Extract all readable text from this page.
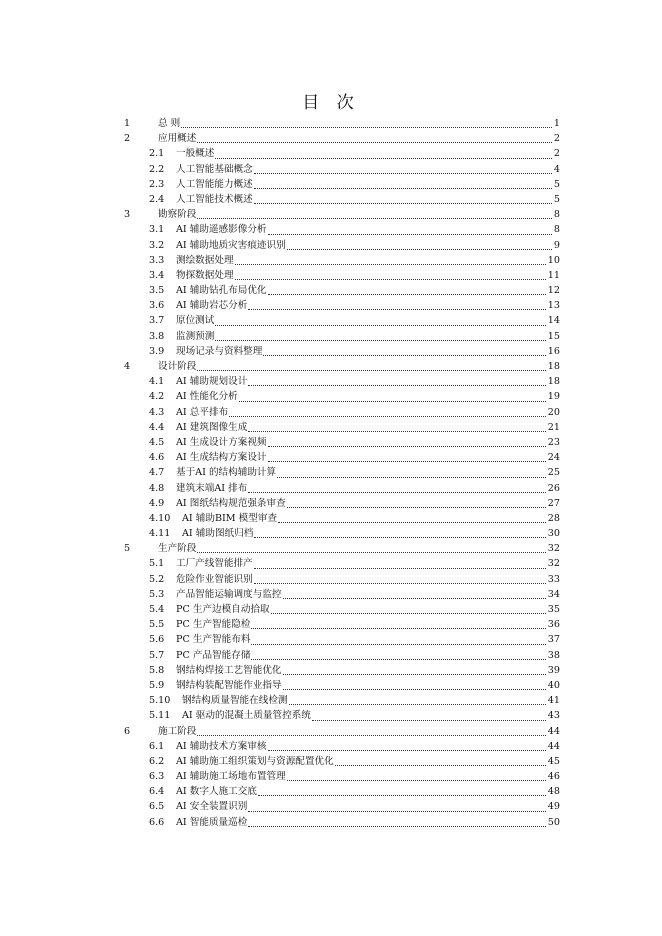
目 次
1	总 则	1
2	应用概述	2
2.1 一般概述	2
2.2 人工智能基础概念	4
2.3 人工智能能力概述	5
2.4 人工智能技术概述	5
3	勘察阶段	8
3.1 AI 辅助遥感影像分析	8
3.2 AI 辅助地质灾害痕迹识别	9
3.3 测绘数据处理	10
3.4 物探数据处理	11
3.5 AI 辅助钻孔布局优化	12
3.6 AI 辅助岩芯分析	13
3.7 原位测试	14
3.8 监测预测	15
3.9 现场记录与资料整理	16
4	设计阶段	18
4.1 AI 辅助规划设计	18
4.2 AI 性能化分析	19
4.3 AI 总平排布	20
4.4 AI 建筑图像生成	21
4.5 AI 生成设计方案视频	23
4.6 AI 生成结构方案设计	24
4.7 基于AI 的结构辅助计算	25
4.8 建筑末端AI 排布	26
4.9 AI 图纸结构规范强条审查	27
4.10 AI 辅助BIM 模型审查	28
4.11 AI 辅助图纸归档	30
5	生产阶段	32
5.1 工厂产线智能排产	32
5.2 危险作业智能识别	33
5.3 产品智能运输调度与监控	34
5.4 PC 生产边模自动拾取	35
5.5 PC 生产智能隐检	36
5.6 PC 生产智能布料	37
5.7 PC 产品智能存储	38
5.8 钢结构焊接工艺智能优化	39
5.9 钢结构装配智能作业指导	40
5.10 钢结构质量智能在线检测	41
5.11 AI 驱动的混凝土质量管控系统	43
6	施工阶段	44
6.1 AI 辅助技术方案审核	44
6.2 AI 辅助施工组织策划与资源配置优化	45
6.3 AI 辅助施工场地布置管理	46
6.4 AI 数字人施工交底	48
6.5 AI 安全装置识别	49
6.6 AI 智能质量巡检	50
